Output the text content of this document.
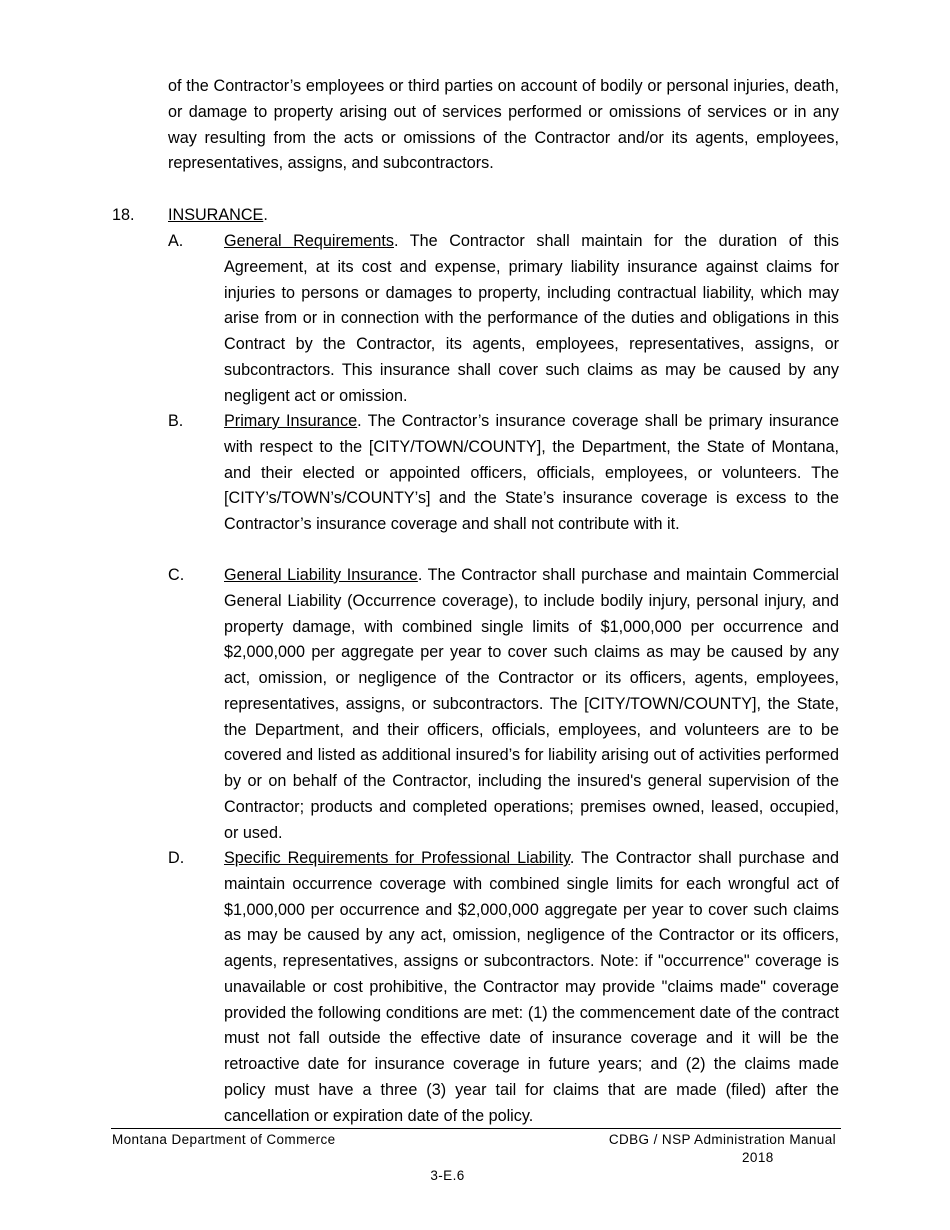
of the Contractor’s employees or third parties on account of bodily or personal injuries, death, or damage to property arising out of services performed or omissions of services or in any way resulting from the acts or omissions of the Contractor and/or its agents, employees, representatives, assigns, and subcontractors.

18. INSURANCE.
A.	General Requirements. The Contractor shall maintain for the duration of this Agreement, at its cost and expense, primary liability insurance against claims for injuries to persons or damages to property, including contractual liability, which may arise from or in connection with the performance of the duties and obligations in this Contract by the Contractor, its agents, employees, representatives, assigns, or subcontractors. This insurance shall cover such claims as may be caused by any negligent act or omission.

B.	Primary Insurance. The Contractor’s insurance coverage shall be primary insurance with respect to the [CITY/TOWN/COUNTY], the Department, the State of Montana, and their elected or appointed officers, officials, employees, or volunteers. The [CITY’s/TOWN’s/COUNTY’s] and the State’s insurance coverage is excess to the Contractor’s insurance coverage and shall not contribute with it.

C. General Liability Insurance. The Contractor shall purchase and maintain Commercial General Liability (Occurrence coverage), to include bodily injury, personal injury, and property damage, with combined single limits of $1,000,000 per occurrence and $2,000,000 per aggregate per year to cover such claims as may be caused by any act, omission, or negligence of the Contractor or its officers, agents, employees, representatives, assigns, or subcontractors. The [CITY/TOWN/COUNTY], the State, the Department, and their officers, officials, employees, and volunteers are to be covered and listed as additional insured’s for liability arising out of activities performed by or on behalf of the Contractor, including the insured's general supervision of the Contractor; products and completed operations; premises owned, leased, occupied, or used.

D. Specific Requirements for Professional Liability. The Contractor shall purchase and maintain occurrence coverage with combined single limits for each wrongful act of $1,000,000 per occurrence and $2,000,000 aggregate per year to cover such claims as may be caused by any act, omission, negligence of the Contractor or its officers, agents, representatives, assigns or subcontractors. Note: if "occurrence" coverage is unavailable or cost prohibitive, the Contractor may provide "claims made" coverage provided the following conditions are met: (1) the commencement date of the contract must not fall outside the effective date of insurance coverage and it will be the retroactive date for insurance coverage in future years; and (2) the claims made policy must have a three (3) year tail for claims that are made (filed) after the cancellation or expiration date of the policy.

Montana Department of Commerce	CDBG / NSP Administration Manual
2018
3-E.6
